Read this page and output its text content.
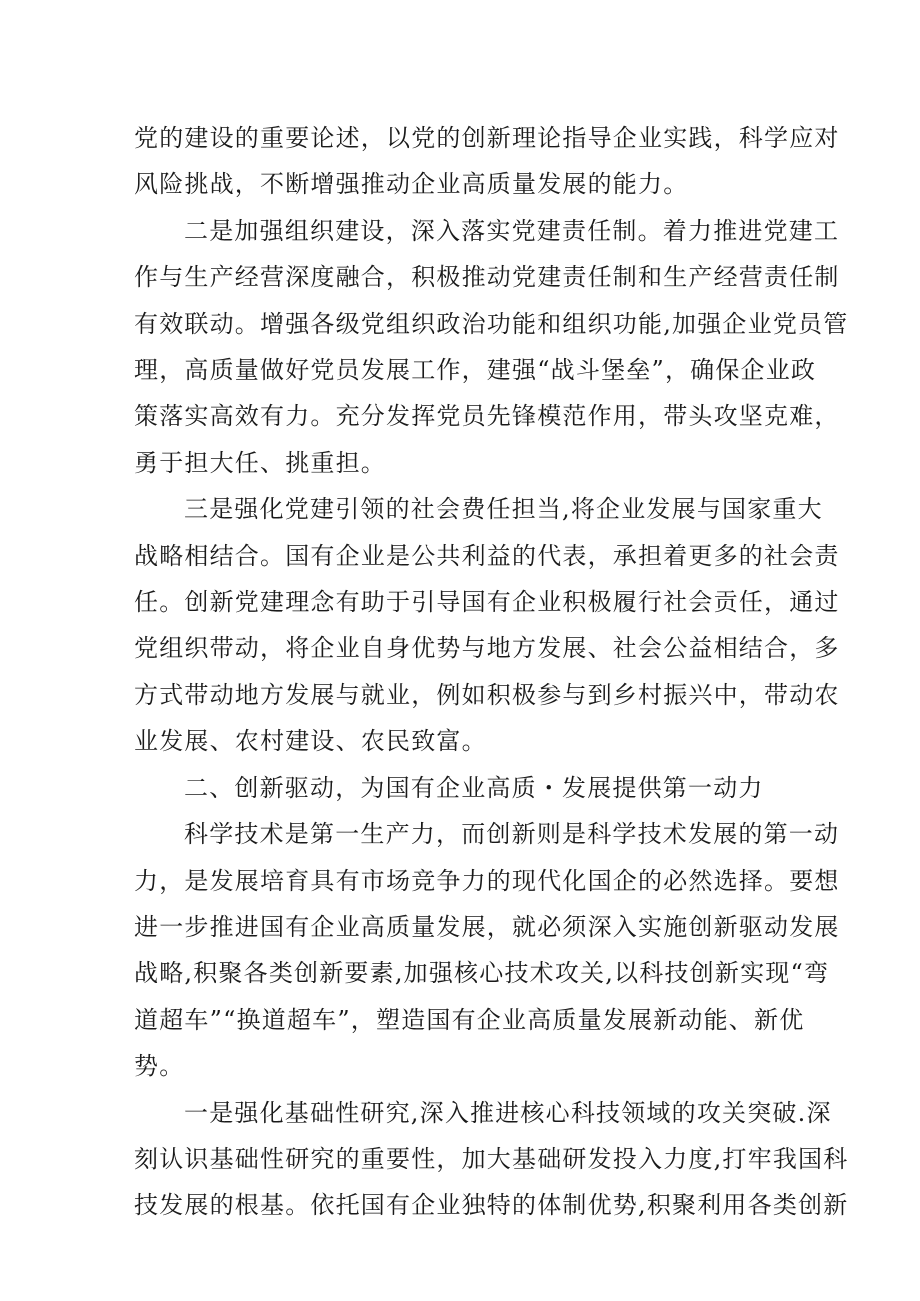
党的建设的重要论述，以党的创新理论指导企业实践，科学应对
风险挑战，不断增强推动企业高质量发展的能力。
二是加强组织建设，深入落实党建责任制。着力推进党建工
作与生产经营深度融合，积极推动党建责任制和生产经营责任制
有效联动。增强各级党组织政治功能和组织功能,加强企业党员管
理，高质量做好党员发展工作，建强“战斗堡垒”，确保企业政
策落实高效有力。充分发挥党员先锋模范作用，带头攻坚克难，
勇于担大任、挑重担。
三是强化党建引领的社会费任担当,将企业发展与国家重大
战略相结合。国有企业是公共利益的代表，承担着更多的社会责
任。创新党建理念有助于引导国有企业积极履行社会贡任，通过
党组织带动，将企业自身优势与地方发展、社会公益相结合，多
方式带动地方发展与就业，例如积极参与到乡村振兴中，带动农
业发展、农村建设、农民致富。
二、创新驱动，为国有企业高质・发展提供第一动力
科学技术是第一生产力，而创新则是科学技术发展的第一动
力，是发展培育具有市场竞争力的现代化国企的必然选择。要想
进一步推进国有企业高质量发展，就必须深入实施创新驱动发展
战略,积聚各类创新要素,加强核心技术攻关,以科技创新实现“弯
道超车”“换道超车”，塑造国有企业高质量发展新动能、新优
势。
一是强化基础性研究,深入推进核心科技领域的攻关突破.深
刻认识基础性研究的重要性，加大基础研发投入力度,打牢我国科
技发展的根基。依托国有企业独特的体制优势,积聚利用各类创新
